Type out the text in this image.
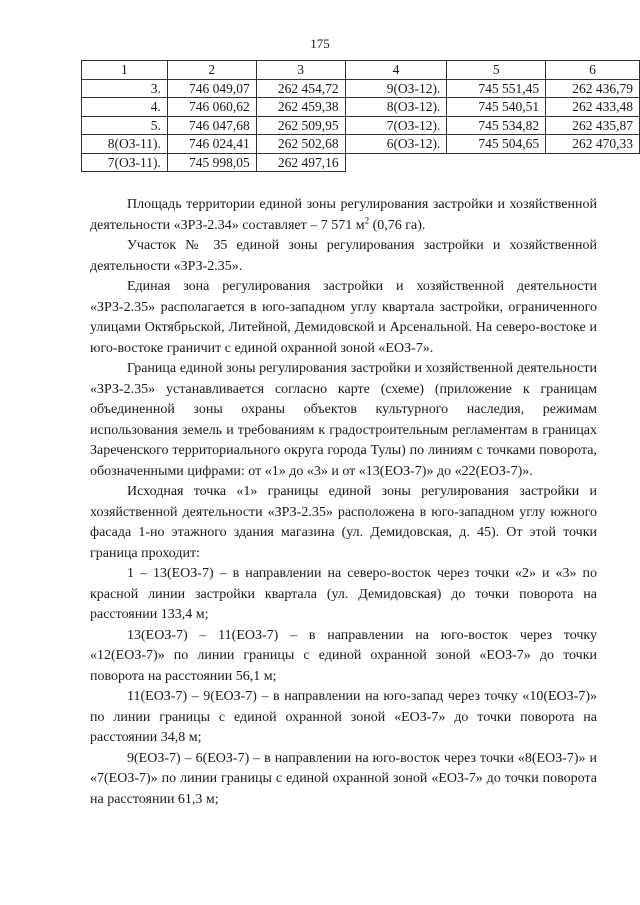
175
1	2	3	4	5	6
3.	746 049,07	262 454,72	9(ОЗ-12).	745 551,45	262 436,79
4.	746 060,62	262 459,38	8(ОЗ-12).	745 540,51	262 433,48
5.	746 047,68	262 509,95	7(ОЗ-12).	745 534,82	262 435,87
8(ОЗ-11).	746 024,41	262 502,68	6(ОЗ-12).	745 504,65	262 470,33
7(ОЗ-11).	745 998,05	262 497,16			

Площадь территории единой зоны регулирования застройки и хозяйственной деятельности «ЗРЗ-2.34» составляет – 7 571 $м^2$ (0,76 га).

Участок № 35 единой зоны регулирования застройки и хозяйственной деятельности «ЗРЗ-2.35».

Единая зона регулирования застройки и хозяйственной деятельности «ЗРЗ-2.35» располагается в юго-западном углу квартала застройки, ограниченного улицами Октябрьской, Литейной, Демидовской и Арсенальной. На северо-востоке и юго-востоке граничит с единой охранной зоной «ЕОЗ-7».

Граница единой зоны регулирования застройки и хозяйственной деятельности «ЗРЗ-2.35» устанавливается согласно карте (схеме) (приложение к границам объединенной зоны охраны объектов культурного наследия, режимам использования земель и требованиям к градостроительным регламентам в границах Зареченского территориального округа города Тулы) по линиям с точками поворота, обозначенными цифрами: от «1» до «3» и от «13(ЕОЗ-7)» до «22(ЕОЗ-7)».

Исходная точка «1» границы единой зоны регулирования застройки и хозяйственной деятельности «ЗРЗ-2.35» расположена в юго-западном углу южного фасада 1-но этажного здания магазина (ул. Демидовская, д. 45). От этой точки граница проходит:

1 – 13(ЕОЗ-7) – в направлении на северо-восток через точки «2» и «3» по красной линии застройки квартала (ул. Демидовская) до точки поворота на расстоянии 133,4 м;

13(ЕОЗ-7) – 11(ЕОЗ-7) – в направлении на юго-восток через точку «12(ЕОЗ-7)» по линии границы с единой охранной зоной «ЕОЗ-7» до точки поворота на расстоянии 56,1 м;

11(ЕОЗ-7) – 9(ЕОЗ-7) – в направлении на юго-запад через точку «10(ЕОЗ-7)» по линии границы с единой охранной зоной «ЕОЗ-7» до точки поворота на расстоянии 34,8 м;

9(ЕОЗ-7) – 6(ЕОЗ-7) – в направлении на юго-восток через точки «8(ЕОЗ-7)» и «7(ЕОЗ-7)» по линии границы с единой охранной зоной «ЕОЗ-7» до точки поворота на расстоянии 61,3 м;
